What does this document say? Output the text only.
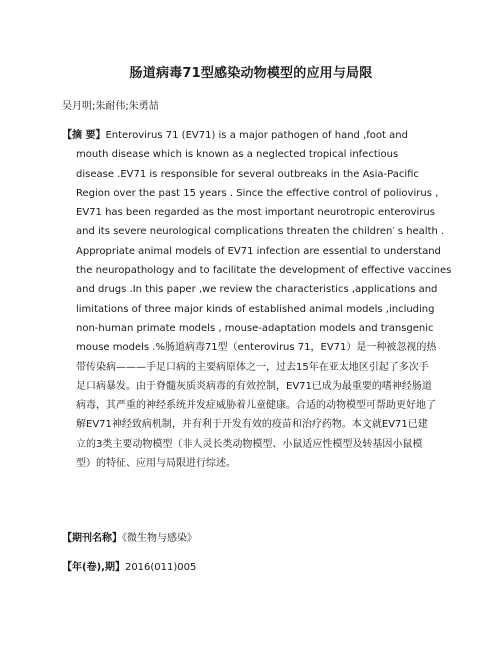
肠道病毒71型感染动物模型的应用与局限
吴月明;朱耐伟;朱勇喆
【摘 要】Enterovirus 71 (EV71) is a major pathogen of hand ,foot and
mouth disease which is known as a neglected tropical infectious
disease .EV71 is responsible for several outbreaks in the Asia-Pacific
Region over the past 15 years . Since the effective control of poliovirus ,
EV71 has been regarded as the most important neurotropic enterovirus
and its severe neurological complications threaten the children′ s health .
Appropriate animal models of EV71 infection are essential to understand
the neuropathology and to facilitate the development of effective vaccines
and drugs .In this paper ,we review the characteristics ,applications and
limitations of three major kinds of established animal models ,including
non-human primate models , mouse-adaptation models and transgenic
mouse models .%肠道病毒71型（enterovirus 71，EV71）是一种被忽视的热
带传染病———手足口病的主要病原体之一，过去15年在亚太地区引起了多次手
足口病暴发。由于脊髓灰质炎病毒的有效控制，EV71已成为最重要的嗜神经肠道
病毒，其严重的神经系统并发症威胁着儿童健康。合适的动物模型可帮助更好地了
解EV71神经致病机制，并有利于开发有效的疫苗和治疗药物。本文就EV71已建
立的3类主要动物模型（非人灵长类动物模型、小鼠适应性模型及转基因小鼠模
型）的特征、应用与局限进行综述。
【期刊名称】《微生物与感染》
【年(卷),期】2016(011)005
